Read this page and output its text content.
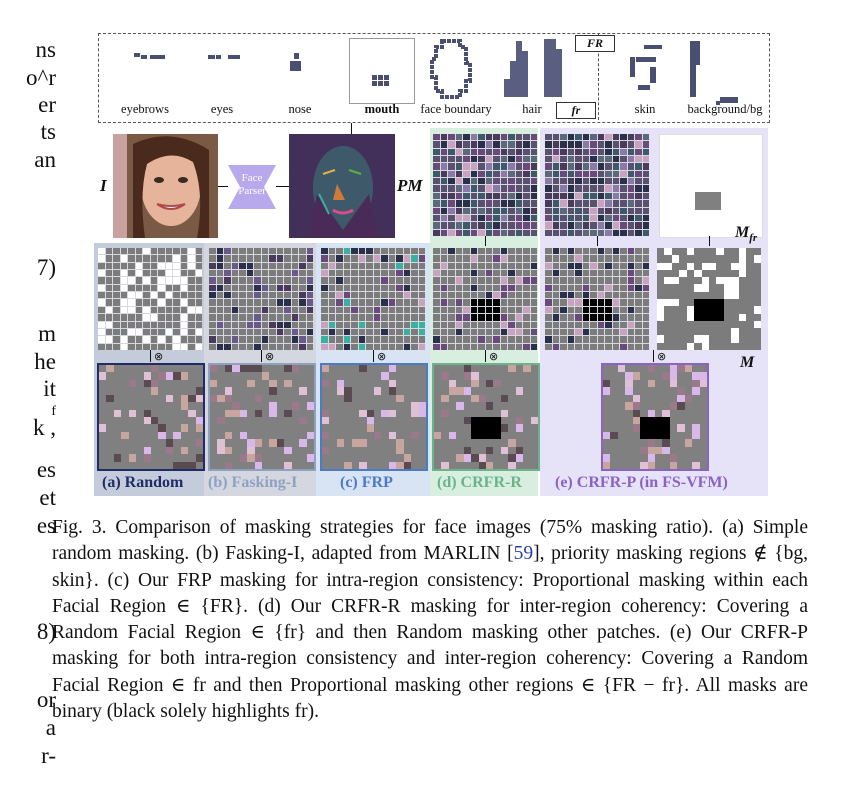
ns
o^r
er
ts
an
7)
m
he
it
f
k ,
es
et
es
8)
or
a
r-
FR
fr
eyebrows	eyes	nose	mouth face boundary hair	skin	background/bg
I	Face Parser	PM
$M_{fr}$
M
⊗	⊗	⊗	⊗	⊗
(a) Random (b) Fasking-I	(c) FRP	(d) CRFR-R (e) CRFR-P (in FS-VFM)
Fig. 3. Comparison of masking strategies for face images (75% masking ratio). (a) Simple random masking. (b) Fasking-I, adapted from MARLIN [59], priority masking regions ∉ {bg, skin}. (c) Our FRP masking for intra-region consistency: Proportional masking within each Facial Region ∈ {FR}. (d) Our CRFR-R masking for inter-region coherency: Covering a Random Facial Region ∈ {fr} and then Random masking other patches. (e) Our CRFR-P masking for both intra-region consistency and inter-region coherency: Covering a Random Facial Region ∈ fr and then Proportional masking other regions ∈ {FR − fr}. All masks are binary (black solely highlights fr).
